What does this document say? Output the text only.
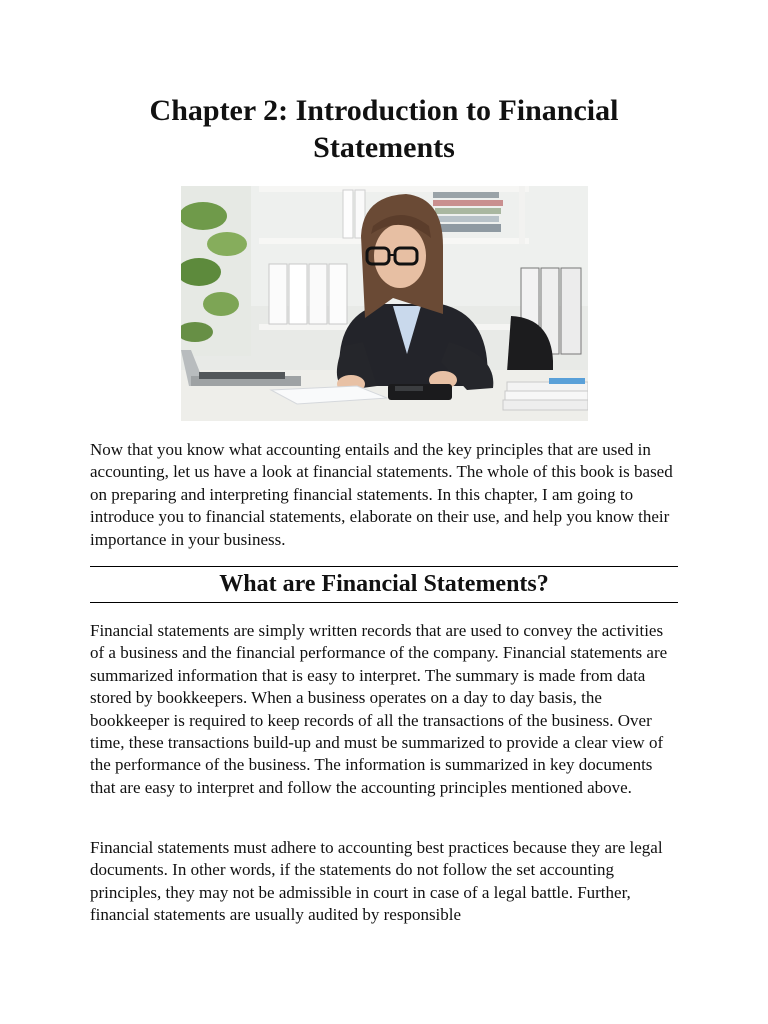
Chapter 2: Introduction to Financial Statements

Now that you know what accounting entails and the key principles that are used in accounting, let us have a look at financial statements. The whole of this book is based on preparing and interpreting financial statements. In this chapter, I am going to introduce you to financial statements, elaborate on their use, and help you know their importance in your business.

What are Financial Statements?

Financial statements are simply written records that are used to convey the activities of a business and the financial performance of the company. Financial statements are summarized information that is easy to interpret. The summary is made from data stored by bookkeepers. When a business operates on a day to day basis, the bookkeeper is required to keep records of all the transactions of the business. Over time, these transactions build-up and must be summarized to provide a clear view of the performance of the business. The information is summarized in key documents that are easy to interpret and follow the accounting principles mentioned above.

Financial statements must adhere to accounting best practices because they are legal documents. In other words, if the statements do not follow the set accounting principles, they may not be admissible in court in case of a legal battle. Further, financial statements are usually audited by responsible
